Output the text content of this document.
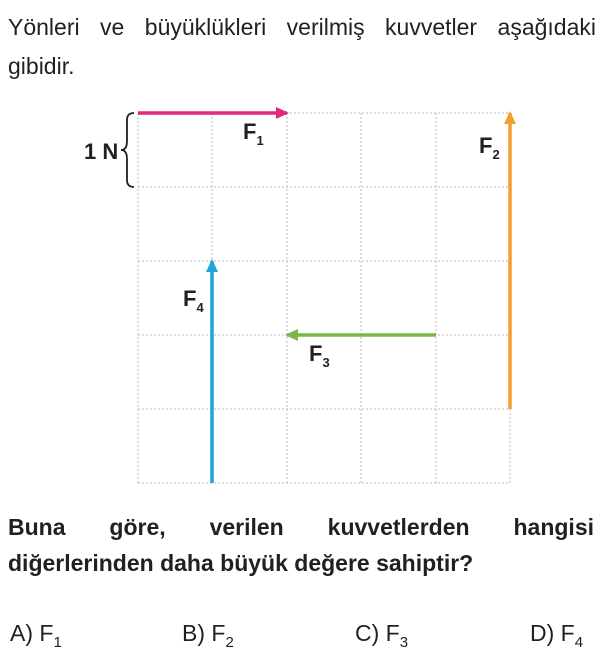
Yönleri ve büyüklükleri verilmiş kuvvetler aşağıdaki gibidir.

1 N
$F_1$	$F_2$
$F_3$
$F_4$

Buna göre, verilen kuvvetlerden hangisi diğerlerinden daha büyük değere sahiptir?

A) $F_1$	B) $F_2$	C) $F_3$	D) $F_4$
